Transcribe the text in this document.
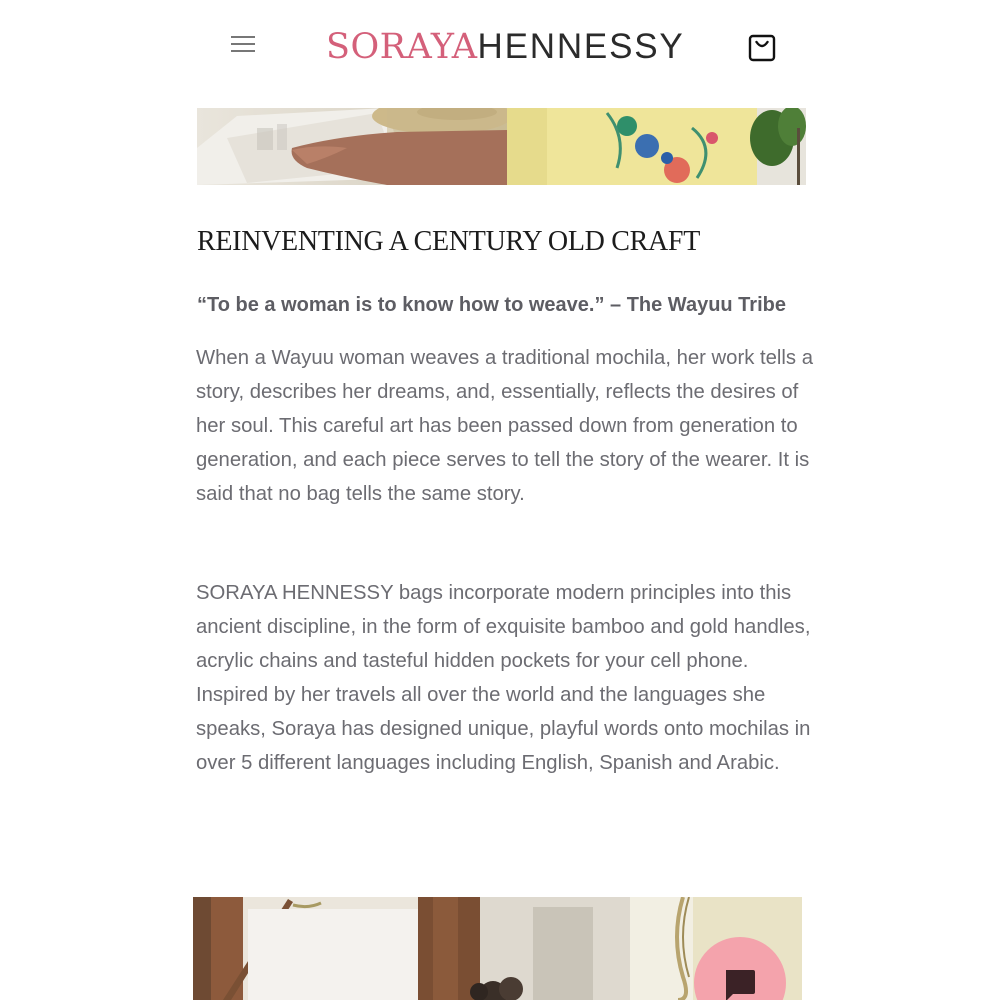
SORAYAHENNESSY
REINVENTING A CENTURY OLD CRAFT

“To be a woman is to know how to weave.” – The Wayuu Tribe

When a Wayuu woman weaves a traditional mochila, her work tells a story, describes her dreams, and, essentially, reflects the desires of her soul. This careful art has been passed down from generation to generation, and each piece serves to tell the story of the wearer. It is said that no bag tells the same story.

SORAYA HENNESSY bags incorporate modern principles into this ancient discipline, in the form of exquisite bamboo and gold handles, acrylic chains and tasteful hidden pockets for your cell phone. Inspired by her travels all over the world and the languages she speaks, Soraya has designed unique, playful words onto mochilas in over 5 different languages including English, Spanish and Arabic.
